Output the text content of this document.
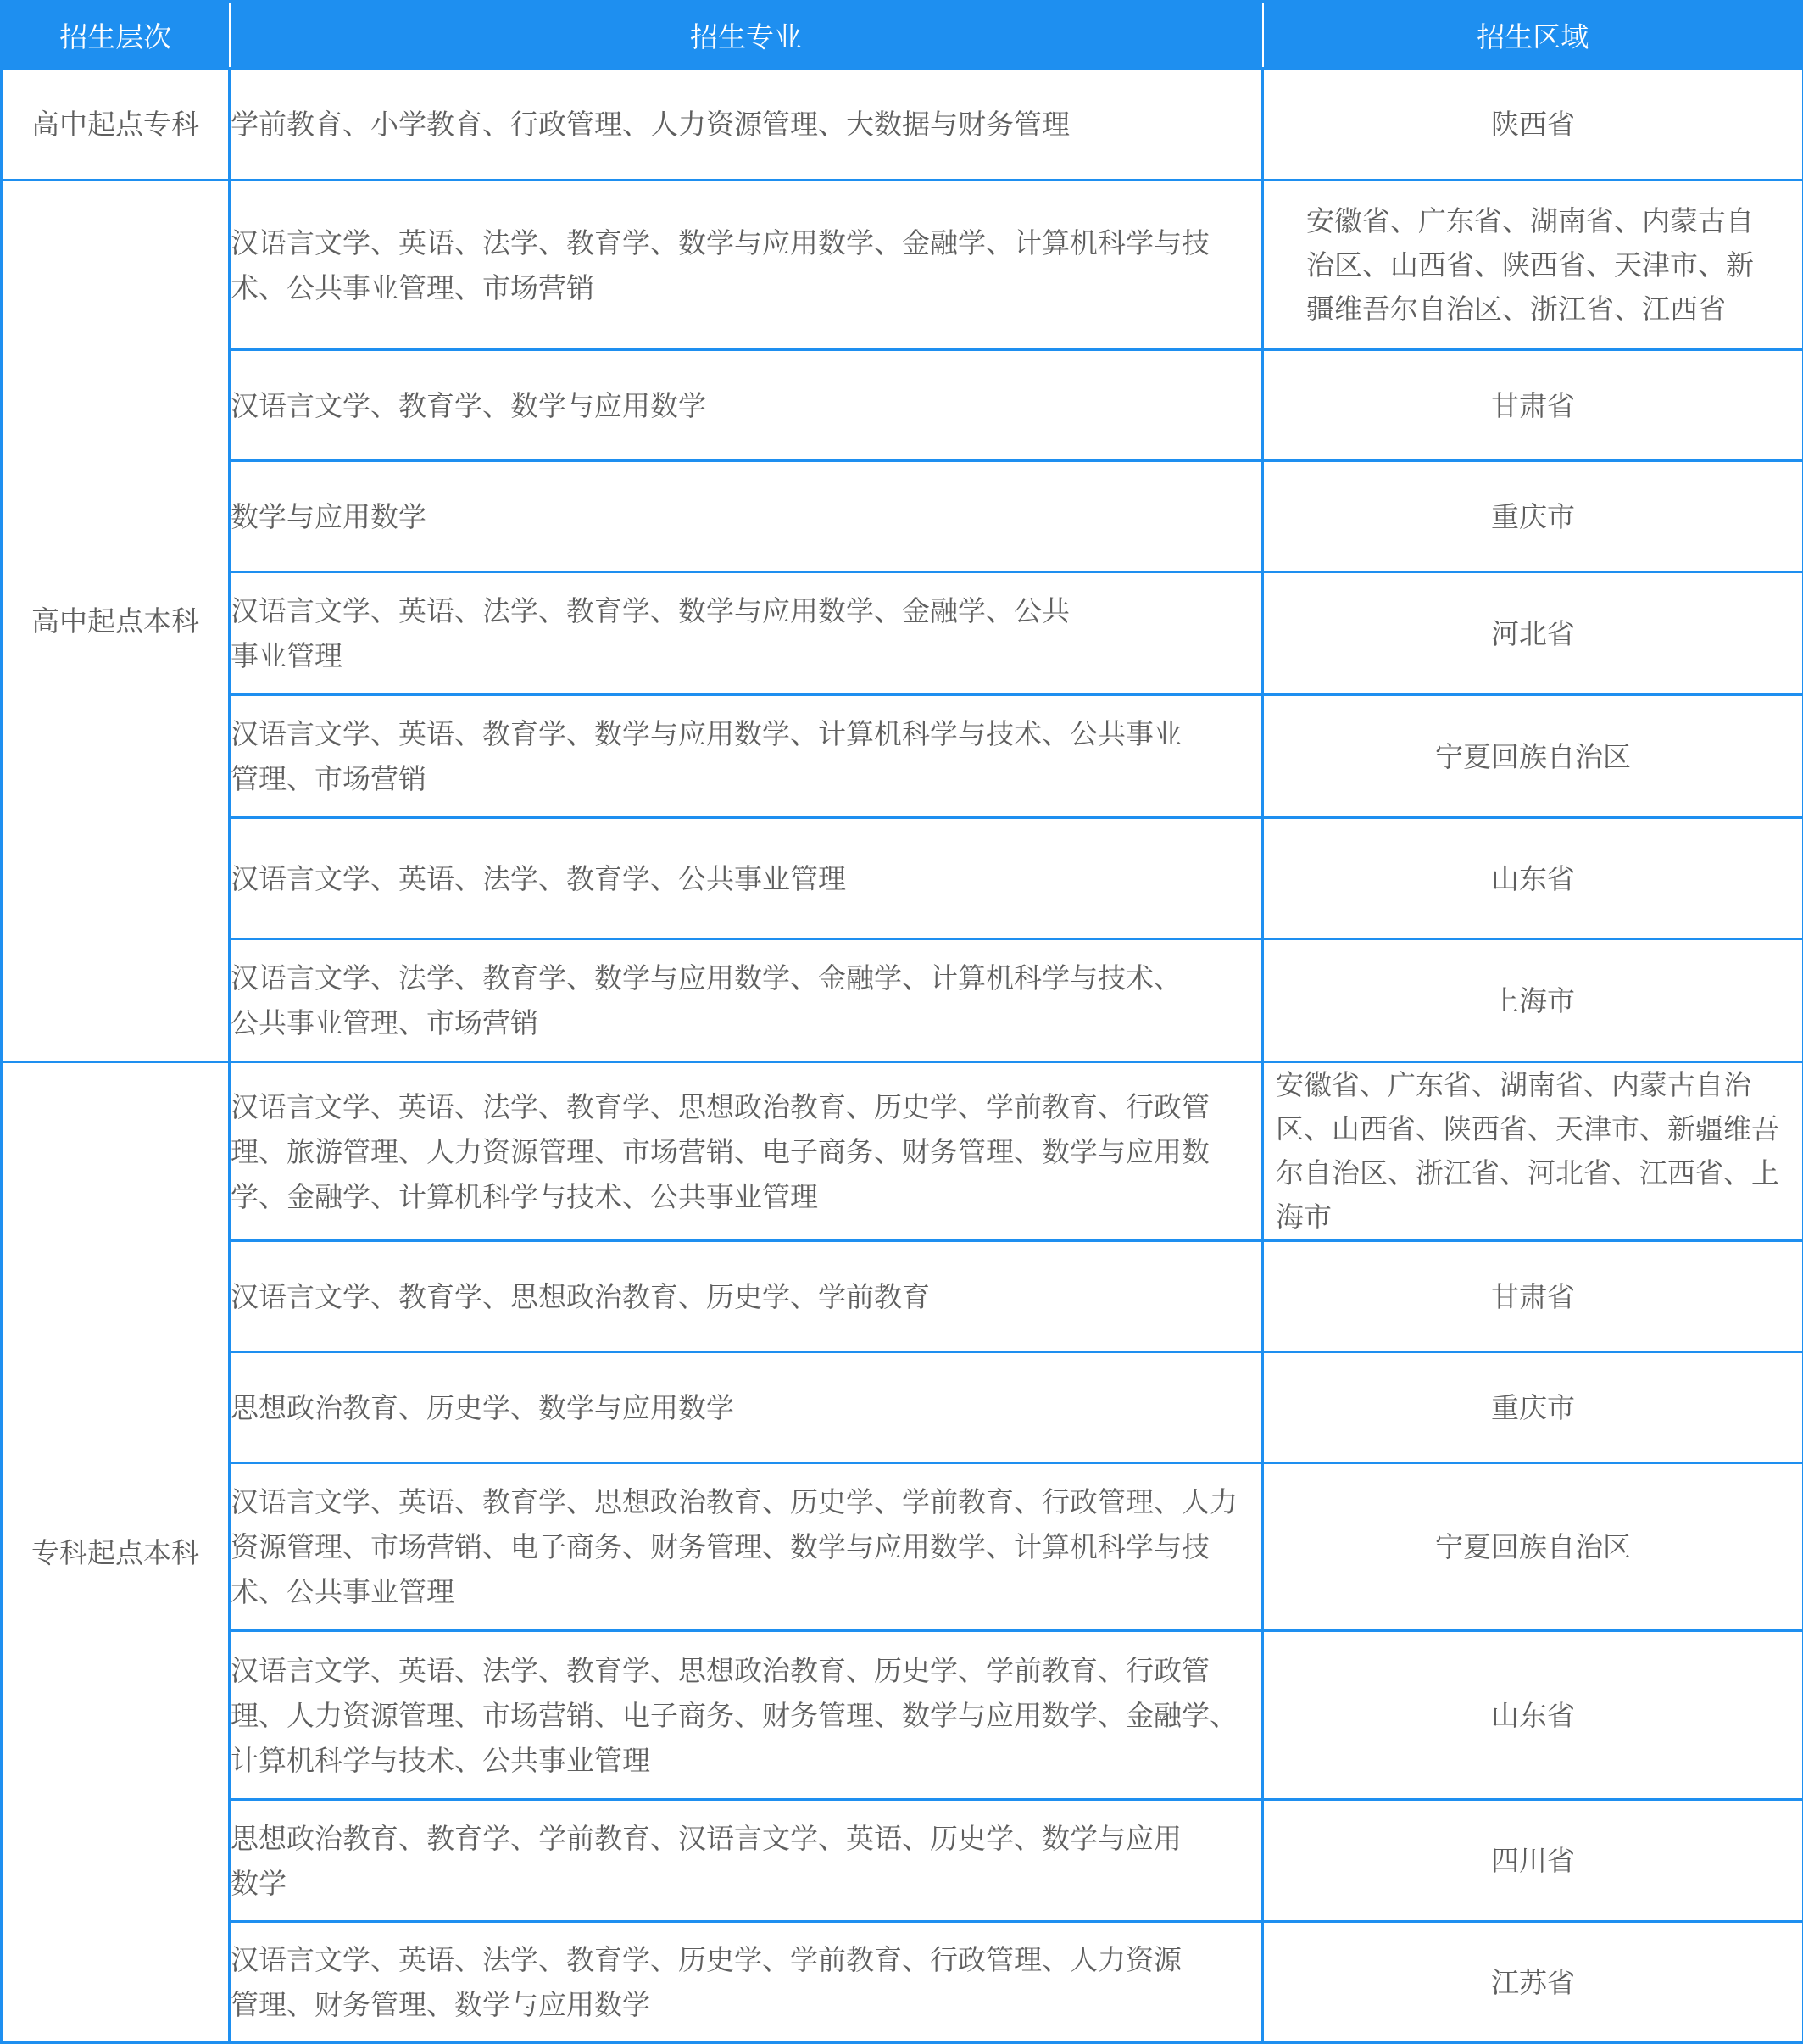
招生层次	招生专业	招生区域
高中起点专科	学前教育、小学教育、行政管理、人力资源管理、大数据与财务管理	陕西省
高中起点本科	汉语言文学、英语、法学、教育学、数学与应用数学、金融学、计算机科学与技术、公共事业管理、市场营销	安徽省、广东省、湖南省、内蒙古自治区、山西省、陕西省、天津市、新疆维吾尔自治区、浙江省、江西省
	汉语言文学、教育学、数学与应用数学	甘肃省
	数学与应用数学	重庆市
	汉语言文学、英语、法学、教育学、数学与应用数学、金融学、公共事业管理	河北省
	汉语言文学、英语、教育学、数学与应用数学、计算机科学与技术、公共事业管理、市场营销	宁夏回族自治区
	汉语言文学、英语、法学、教育学、公共事业管理	山东省
	汉语言文学、法学、教育学、数学与应用数学、金融学、计算机科学与技术、公共事业管理、市场营销	上海市
专科起点本科	汉语言文学、英语、法学、教育学、思想政治教育、历史学、学前教育、行政管理、旅游管理、人力资源管理、市场营销、电子商务、财务管理、数学与应用数学、金融学、计算机科学与技术、公共事业管理	安徽省、广东省、湖南省、内蒙古自治区、山西省、陕西省、天津市、新疆维吾尔自治区、浙江省、河北省、江西省、上海市
	汉语言文学、教育学、思想政治教育、历史学、学前教育	甘肃省
	思想政治教育、历史学、数学与应用数学	重庆市
	汉语言文学、英语、教育学、思想政治教育、历史学、学前教育、行政管理、人力资源管理、市场营销、电子商务、财务管理、数学与应用数学、计算机科学与技术、公共事业管理	宁夏回族自治区
	汉语言文学、英语、法学、教育学、思想政治教育、历史学、学前教育、行政管理、人力资源管理、市场营销、电子商务、财务管理、数学与应用数学、金融学、计算机科学与技术、公共事业管理	山东省
	思想政治教育、教育学、学前教育、汉语言文学、英语、历史学、数学与应用数学	四川省
	汉语言文学、英语、法学、教育学、历史学、学前教育、行政管理、人力资源管理、财务管理、数学与应用数学	江苏省
